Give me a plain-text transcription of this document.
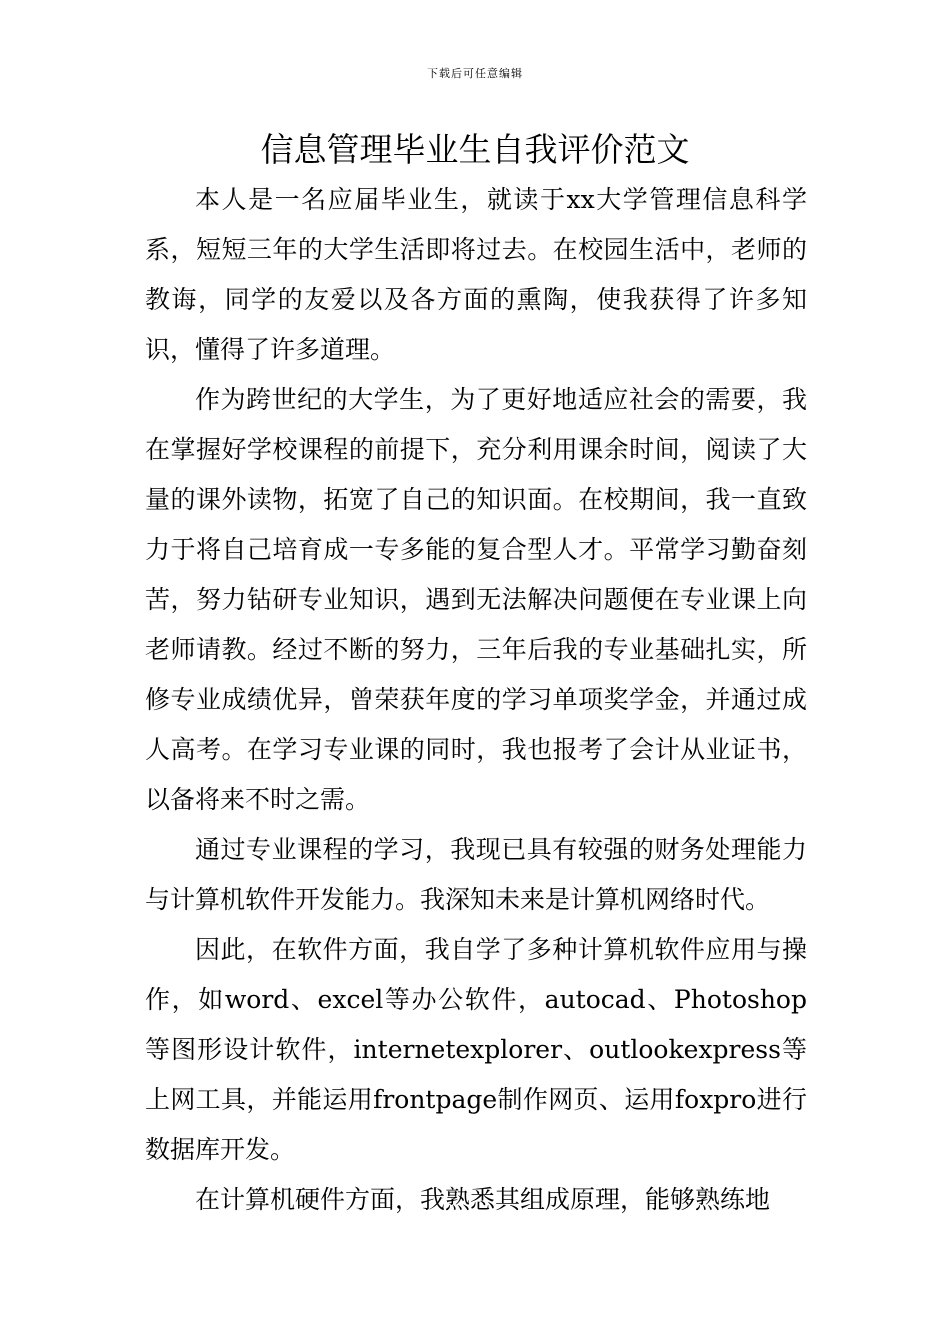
下载后可任意编辑
信息管理毕业生自我评价范文

本人是一名应届毕业生，就读于xx大学管理信息科学系，短短三年的大学生活即将过去。在校园生活中，老师的教诲，同学的友爱以及各方面的熏陶，使我获得了许多知识，懂得了许多道理。

作为跨世纪的大学生，为了更好地适应社会的需要，我在掌握好学校课程的前提下，充分利用课余时间，阅读了大量的课外读物，拓宽了自己的知识面。在校期间，我一直致力于将自己培育成一专多能的复合型人才。平常学习勤奋刻苦，努力钻研专业知识，遇到无法解决问题便在专业课上向老师请教。经过不断的努力，三年后我的专业基础扎实，所修专业成绩优异，曾荣获年度的学习单项奖学金，并通过成人高考。在学习专业课的同时，我也报考了会计从业证书，以备将来不时之需。

通过专业课程的学习，我现已具有较强的财务处理能力与计算机软件开发能力。我深知未来是计算机网络时代。

因此，在软件方面，我自学了多种计算机软件应用与操作，如word、excel等办公软件，autocad、Photoshop等图形设计软件，internetexplorer、outlookexpress等上网工具，并能运用frontpage制作网页、运用foxpro进行数据库开发。

在计算机硬件方面，我熟悉其组成原理，能够熟练地
